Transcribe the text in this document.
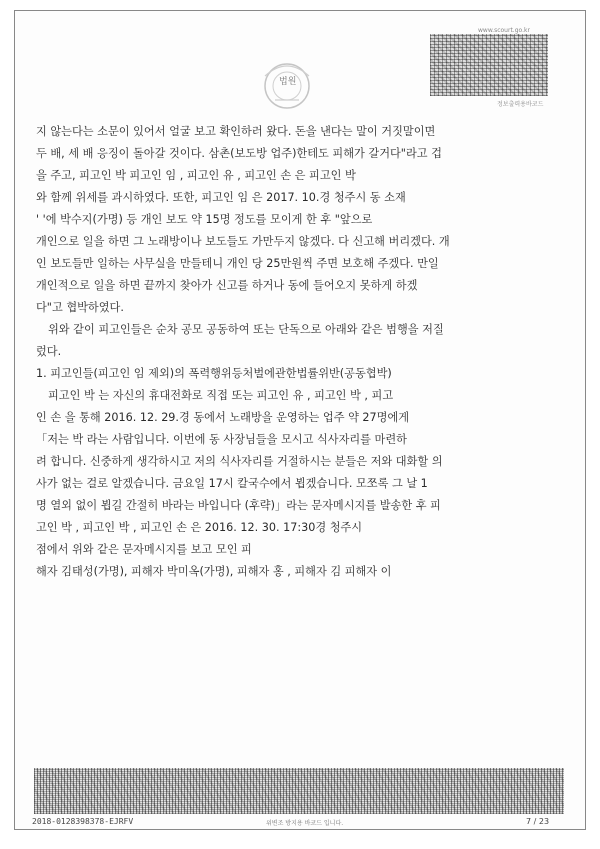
법원
www.scourt.go.kr
정보출력용바코드

지 않는다는 소문이 있어서 얼굴 보고 확인하러 왔다. 돈을 낸다는 말이 거짓말이면

두 배, 세 배 응징이 돌아갈 것이다. 삼촌(보도방 업주)한테도 피해가 갈거다"라고 겁

을 주고, 피고인 박 피고인 임 , 피고인 유 , 피고인 손 은 피고인 박

와 함께 위세를 과시하였다. 또한, 피고인 임 은 2017. 10.경 청주시 동 소재

' '에 박수지(가명) 등 개인 보도 약 15명 정도를 모이게 한 후 "앞으로

개인으로 일을 하면 그 노래방이나 보도들도 가만두지 않겠다. 다 신고해 버리겠다. 개

인 보도들만 일하는 사무실을 만들테니 개인 당 25만원씩 주면 보호해 주겠다. 만일

개인적으로 일을 하면 끝까지 찾아가 신고를 하거나 동에 들어오지 못하게 하겠

다"고 협박하였다.

위와 같이 피고인들은 순차 공모 공동하여 또는 단독으로 아래와 같은 범행을 저질

렀다.

1. 피고인들(피고인 임 제외)의 폭력행위등처벌에관한법률위반(공동협박)

피고인 박 는 자신의 휴대전화로 직접 또는 피고인 유 , 피고인 박 , 피고

인 손 을 통해 2016. 12. 29.경 동에서 노래방을 운영하는 업주 약 27명에게

「저는 박 라는 사람입니다. 이번에 동 사장님들을 모시고 식사자리를 마련하

려 합니다. 신중하게 생각하시고 저의 식사자리를 거절하시는 분들은 저와 대화할 의

사가 없는 걸로 알겠습니다. 금요일 17시 칼국수에서 뵙겠습니다. 모쪼록 그 날 1

명 열외 없이 뵙길 간절히 바라는 바입니다 (후략)」라는 문자메시지를 발송한 후 피

고인 박 , 피고인 박 , 피고인 손 은 2016. 12. 30. 17:30경 청주시

점에서 위와 같은 문자메시지를 보고 모인 피

해자 김태성(가명), 피해자 박미옥(가명), 피해자 홍 , 피해자 김 피해자 이

2018-0128398378-EJRFV	위변조 방지용 바코드 입니다.	7 / 23
